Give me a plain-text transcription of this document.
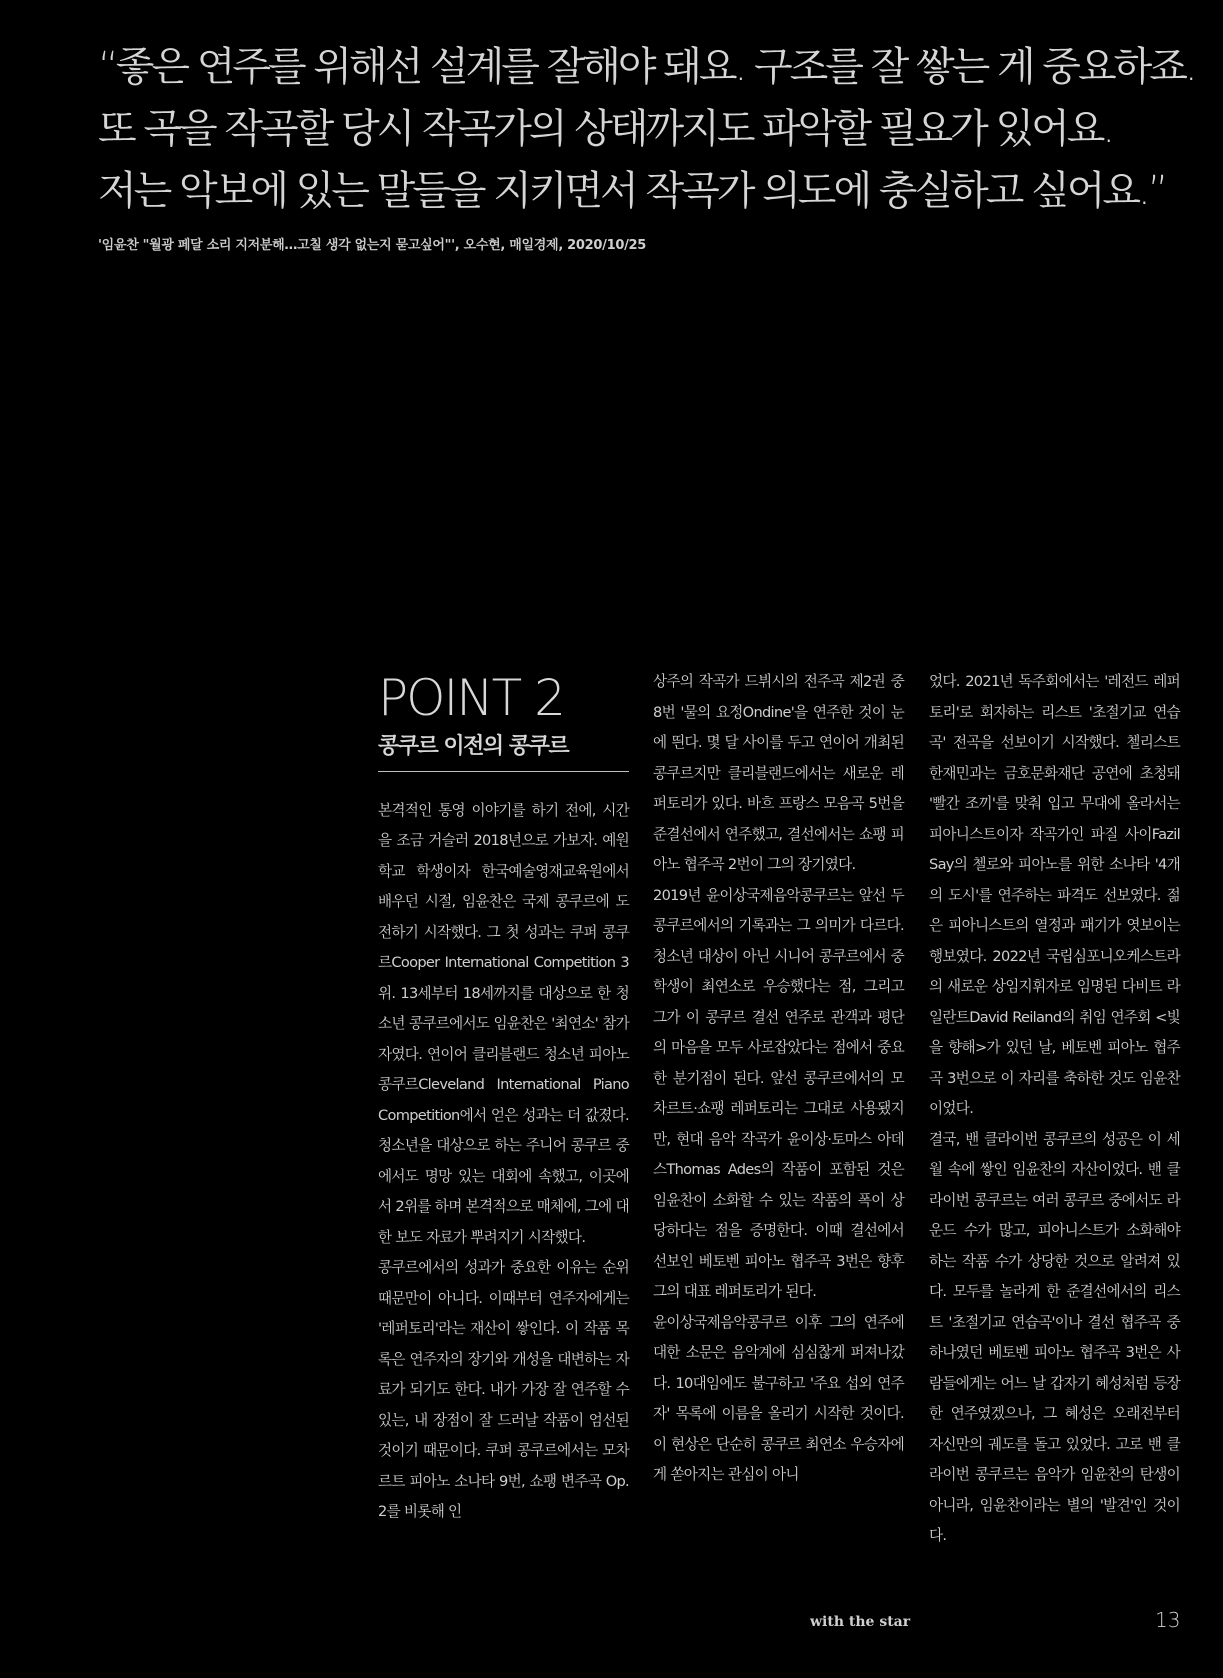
“좋은 연주를 위해선 설계를 잘해야 돼요. 구조를 잘 쌓는 게 중요하죠.
또 곡을 작곡할 당시 작곡가의 상태까지도 파악할 필요가 있어요.
저는 악보에 있는 말들을 지키면서 작곡가 의도에 충실하고 싶어요.”
'임윤찬 "월광 페달 소리 지저분해…고칠 생각 없는지 묻고싶어"', 오수현, 매일경제, 2020/10/25
POINT 2
콩쿠르 이전의 콩쿠르

본격적인 통영 이야기를 하기 전에, 시간을 조금 거슬러 2018년으로 가보자. 예원학교 학생이자 한국예술영재교육원에서 배우던 시절, 임윤찬은 국제 콩쿠르에 도전하기 시작했다. 그 첫 성과는 쿠퍼 콩쿠르Cooper International Competition 3위. 13세부터 18세까지를 대상으로 한 청소년 콩쿠르에서도 임윤찬은 '최연소' 참가자였다. 연이어 클리블랜드 청소년 피아노 콩쿠르Cleveland International Piano Competition에서 얻은 성과는 더 값졌다. 청소년을 대상으로 하는 주니어 콩쿠르 중에서도 명망 있는 대회에 속했고, 이곳에서 2위를 하며 본격적으로 매체에, 그에 대한 보도 자료가 뿌려지기 시작했다.

콩쿠르에서의 성과가 중요한 이유는 순위 때문만이 아니다. 이때부터 연주자에게는 '레퍼토리'라는 재산이 쌓인다. 이 작품 목록은 연주자의 장기와 개성을 대변하는 자료가 되기도 한다. 내가 가장 잘 연주할 수 있는, 내 장점이 잘 드러날 작품이 엄선된 것이기 때문이다. 쿠퍼 콩쿠르에서는 모차르트 피아노 소나타 9번, 쇼팽 변주곡 Op. 2를 비롯해 인

상주의 작곡가 드뷔시의 전주곡 제2권 중 8번 '물의 요정Ondine'을 연주한 것이 눈에 띈다. 몇 달 사이를 두고 연이어 개최된 콩쿠르지만 클리블랜드에서는 새로운 레퍼토리가 있다. 바흐 프랑스 모음곡 5번을 준결선에서 연주했고, 결선에서는 쇼팽 피아노 협주곡 2번이 그의 장기였다.

2019년 윤이상국제음악콩쿠르는 앞선 두 콩쿠르에서의 기록과는 그 의미가 다르다. 청소년 대상이 아닌 시니어 콩쿠르에서 중학생이 최연소로 우승했다는 점, 그리고 그가 이 콩쿠르 결선 연주로 관객과 평단의 마음을 모두 사로잡았다는 점에서 중요한 분기점이 된다. 앞선 콩쿠르에서의 모차르트·쇼팽 레퍼토리는 그대로 사용됐지만, 현대 음악 작곡가 윤이상·토마스 아데스Thomas Ades의 작품이 포함된 것은 임윤찬이 소화할 수 있는 작품의 폭이 상당하다는 점을 증명한다. 이때 결선에서 선보인 베토벤 피아노 협주곡 3번은 향후 그의 대표 레퍼토리가 된다.

윤이상국제음악콩쿠르 이후 그의 연주에 대한 소문은 음악계에 심심찮게 퍼져나갔다. 10대임에도 불구하고 '주요 섭외 연주자' 목록에 이름을 올리기 시작한 것이다. 이 현상은 단순히 콩쿠르 최연소 우승자에게 쏟아지는 관심이 아니

었다. 2021년 독주회에서는 '레전드 레퍼토리'로 회자하는 리스트 '초절기교 연습곡' 전곡을 선보이기 시작했다. 첼리스트 한재민과는 금호문화재단 공연에 초청돼 '빨간 조끼'를 맞춰 입고 무대에 올라서는 피아니스트이자 작곡가인 파질 사이Fazil Say의 첼로와 피아노를 위한 소나타 '4개의 도시'를 연주하는 파격도 선보였다. 젊은 피아니스트의 열정과 패기가 엿보이는 행보였다. 2022년 국립심포니오케스트라의 새로운 상임지휘자로 임명된 다비트 라일란트David Reiland의 취임 연주회 <빛을 향해>가 있던 날, 베토벤 피아노 협주곡 3번으로 이 자리를 축하한 것도 임윤찬이었다.

결국, 밴 클라이번 콩쿠르의 성공은 이 세월 속에 쌓인 임윤찬의 자산이었다. 밴 클라이번 콩쿠르는 여러 콩쿠르 중에서도 라운드 수가 많고, 피아니스트가 소화해야 하는 작품 수가 상당한 것으로 알려져 있다. 모두를 놀라게 한 준결선에서의 리스트 '초절기교 연습곡'이나 결선 협주곡 중 하나였던 베토벤 피아노 협주곡 3번은 사람들에게는 어느 날 갑자기 혜성처럼 등장한 연주였겠으나, 그 혜성은 오래전부터 자신만의 궤도를 돌고 있었다. 고로 밴 클라이번 콩쿠르는 음악가 임윤찬의 탄생이 아니라, 임윤찬이라는 별의 '발견'인 것이다.

with the star	13
